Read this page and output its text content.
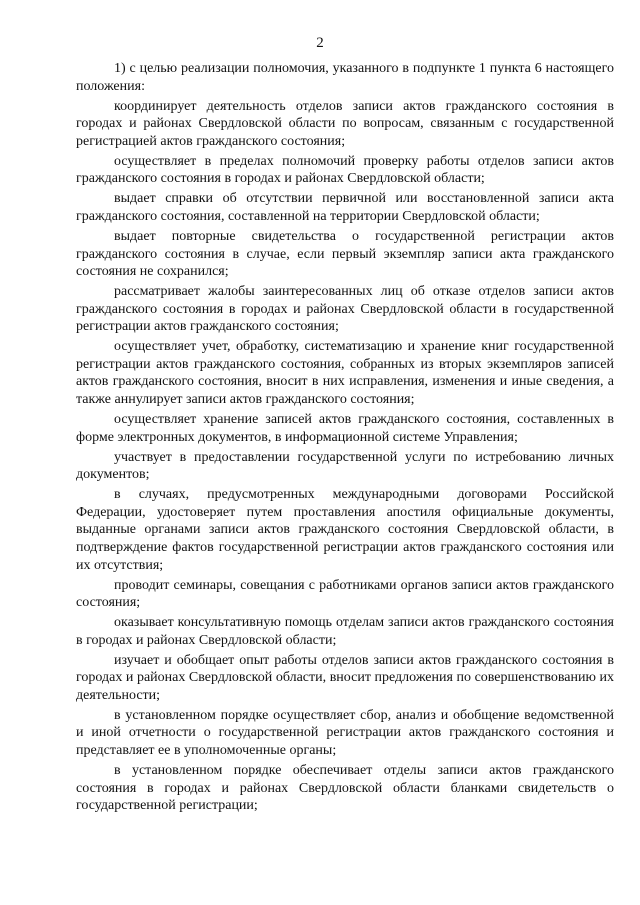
2

1) с целью реализации полномочия, указанного в подпункте 1 пункта 6 настоящего положения:

координирует деятельность отделов записи актов гражданского состояния в городах и районах Свердловской области по вопросам, связанным с государственной регистрацией актов гражданского состояния;

осуществляет в пределах полномочий проверку работы отделов записи актов гражданского состояния в городах и районах Свердловской области;

выдает справки об отсутствии первичной или восстановленной записи акта гражданского состояния, составленной на территории Свердловской области;

выдает повторные свидетельства о государственной регистрации актов гражданского состояния в случае, если первый экземпляр записи акта гражданского состояния не сохранился;

рассматривает жалобы заинтересованных лиц об отказе отделов записи актов гражданского состояния в городах и районах Свердловской области в государственной регистрации актов гражданского состояния;

осуществляет учет, обработку, систематизацию и хранение книг государственной регистрации актов гражданского состояния, собранных из вторых экземпляров записей актов гражданского состояния, вносит в них исправления, изменения и иные сведения, а также аннулирует записи актов гражданского состояния;

осуществляет хранение записей актов гражданского состояния, составленных в форме электронных документов, в информационной системе Управления;

участвует в предоставлении государственной услуги по истребованию личных документов;

в случаях, предусмотренных международными договорами Российской Федерации, удостоверяет путем проставления апостиля официальные документы, выданные органами записи актов гражданского состояния Свердловской области, в подтверждение фактов государственной регистрации актов гражданского состояния или их отсутствия;

проводит семинары, совещания с работниками органов записи актов гражданского состояния;

оказывает консультативную помощь отделам записи актов гражданского состояния в городах и районах Свердловской области;

изучает и обобщает опыт работы отделов записи актов гражданского состояния в городах и районах Свердловской области, вносит предложения по совершенствованию их деятельности;

в установленном порядке осуществляет сбор, анализ и обобщение ведомственной и иной отчетности о государственной регистрации актов гражданского состояния и представляет ее в уполномоченные органы;

в установленном порядке обеспечивает отделы записи актов гражданского состояния в городах и районах Свердловской области бланками свидетельств о государственной регистрации;
